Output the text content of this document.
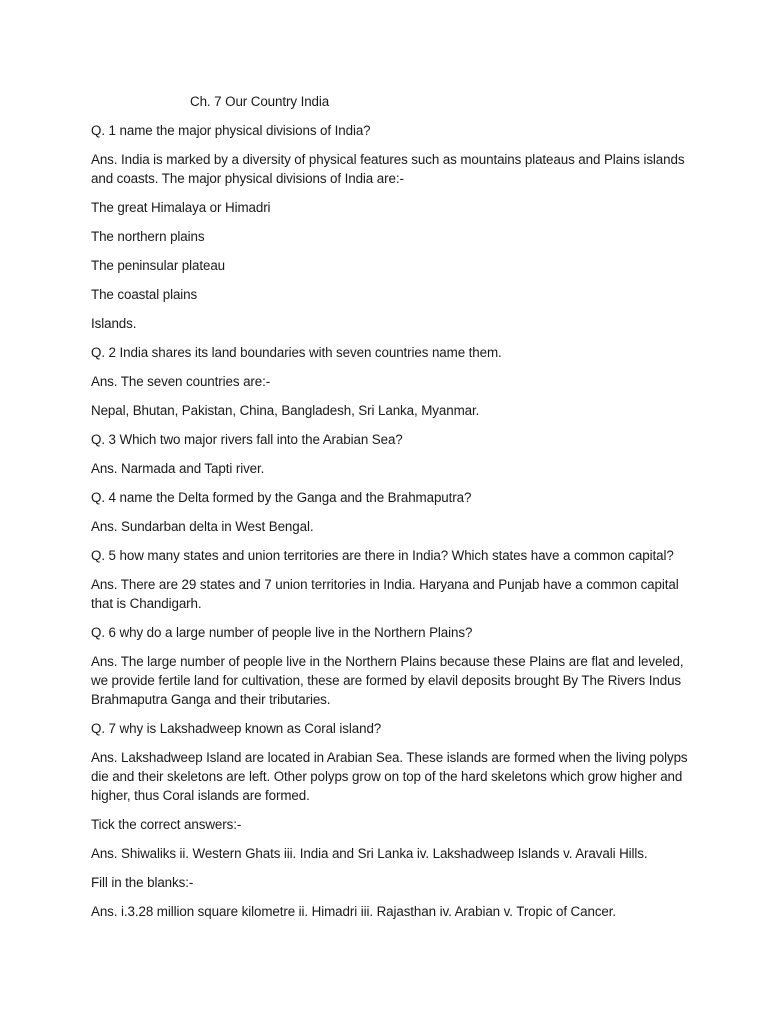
Ch. 7 Our Country India
Q. 1 name the major physical divisions of India?
Ans. India is marked by a diversity of physical features such as mountains plateaus and Plains islands and coasts. The major physical divisions of India are:-
The great Himalaya or Himadri
The northern plains
The peninsular plateau
The coastal plains
Islands.
Q. 2 India shares its land boundaries with seven countries name them.
Ans. The seven countries are:-
Nepal, Bhutan, Pakistan, China, Bangladesh, Sri Lanka, Myanmar.
Q. 3 Which two major rivers fall into the Arabian Sea?
Ans. Narmada and Tapti river.
Q. 4 name the Delta formed by the Ganga and the Brahmaputra?
Ans. Sundarban delta in West Bengal.
Q. 5 how many states and union territories are there in India? Which states have a common capital?
Ans. There are 29 states and 7 union territories in India. Haryana and Punjab have a common capital that is Chandigarh.
Q. 6 why do a large number of people live in the Northern Plains?
Ans. The large number of people live in the Northern Plains because these Plains are flat and leveled, we provide fertile land for cultivation, these are formed by elavil deposits brought By The Rivers Indus Brahmaputra Ganga and their tributaries.
Q. 7 why is Lakshadweep known as Coral island?
Ans. Lakshadweep Island are located in Arabian Sea. These islands are formed when the living polyps die and their skeletons are left. Other polyps grow on top of the hard skeletons which grow higher and higher, thus Coral islands are formed.
Tick the correct answers:-
Ans. Shiwaliks ii. Western Ghats iii. India and Sri Lanka iv. Lakshadweep Islands v. Aravali Hills.
Fill in the blanks:-
Ans. i.3.28 million square kilometre ii. Himadri iii. Rajasthan iv. Arabian v. Tropic of Cancer.
